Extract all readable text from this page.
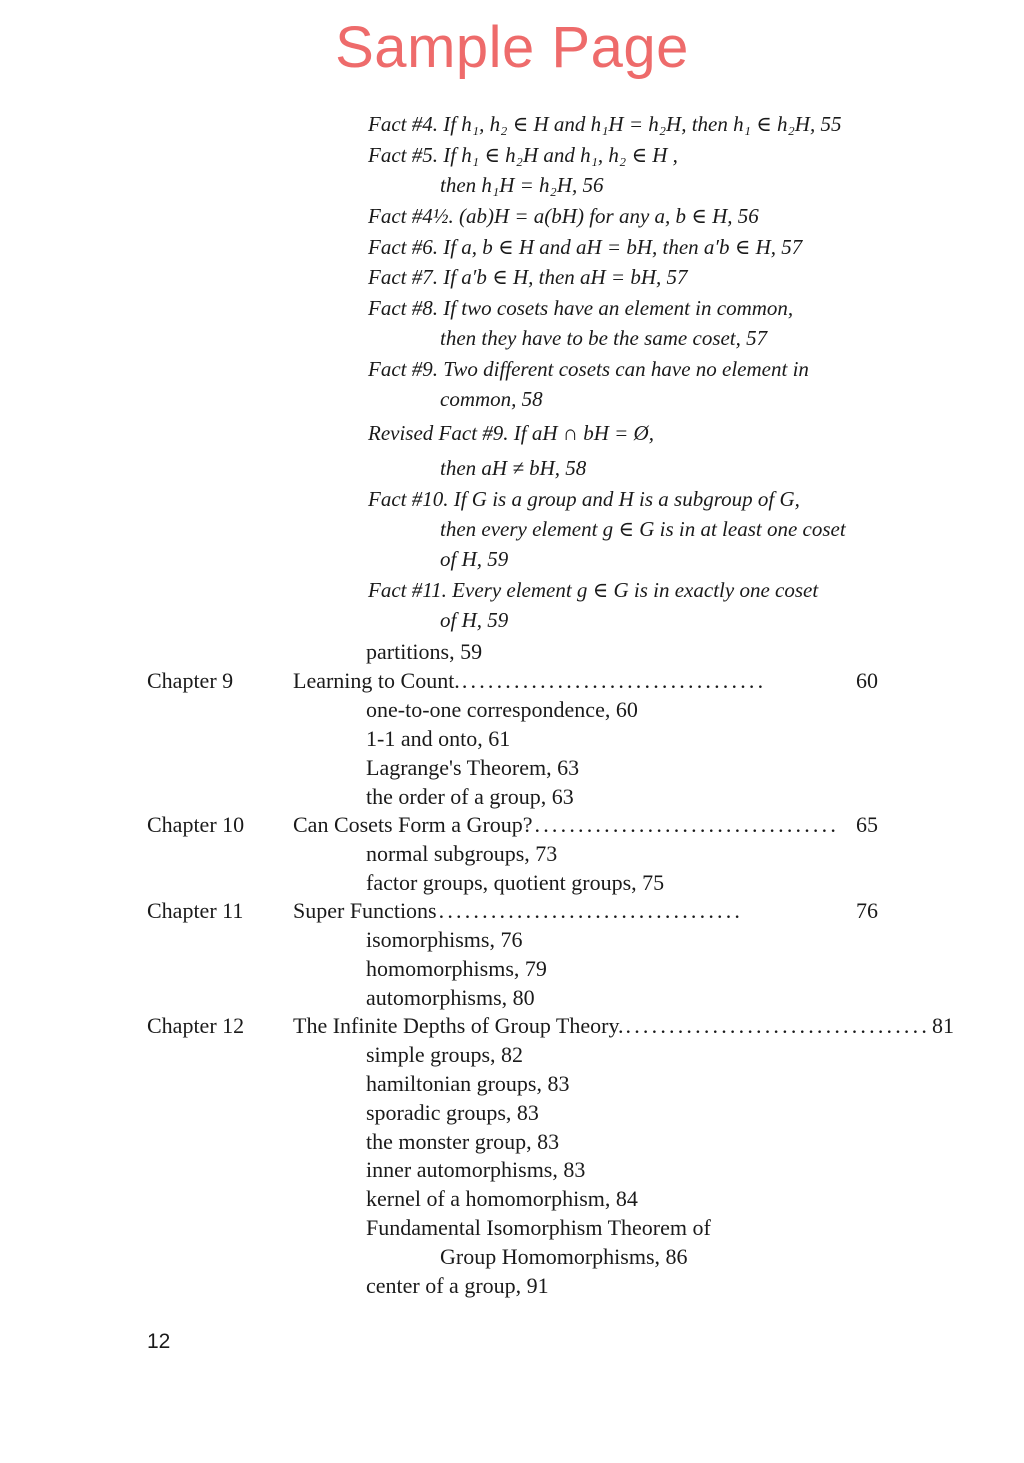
Sample Page
Fact #4. If h₁, h₂ ∈ H and h₁H = h₂H, then h₁ ∈ h₂H, 55
Fact #5. If h₁ ∈ h₂H and h₁, h₂ ∈ H ,
then h₁H = h₂H, 56
Fact #4½. (ab)H = a(bH) for any a, b ∈ H, 56
Fact #6. If a, b ∈ H and aH = bH, then a′b ∈ H, 57
Fact #7. If a′b ∈ H, then aH = bH, 57
Fact #8. If two cosets have an element in common,
then they have to be the same coset, 57
Fact #9. Two different cosets can have no element in
common, 58
Revised Fact #9. If aH ∩ bH = Ø,
then aH ≠ bH, 58
Fact #10. If G is a group and H is a subgroup of G,
then every element g ∈ G is in at least one coset
of H, 59
Fact #11. Every element g ∈ G is in exactly one coset
of H, 59
partitions, 59
Chapter 9	Learning to Count. ...................................	60
one-to-one correspondence, 60
1-1 and onto, 61
Lagrange's Theorem, 63
the order of a group, 63
Chapter 10 Can Cosets Form a Group? ................................... 65
normal subgroups, 73
factor groups, quotient groups, 75
Chapter 11 Super Functions ...................................	76
isomorphisms, 76
homomorphisms, 79
automorphisms, 80
Chapter 12 The Infinite Depths of Group Theory. ................................... 81
simple groups, 82
hamiltonian groups, 83
sporadic groups, 83
the monster group, 83
inner automorphisms, 83
kernel of a homomorphism, 84
Fundamental Isomorphism Theorem of
Group Homomorphisms, 86
center of a group, 91
12
